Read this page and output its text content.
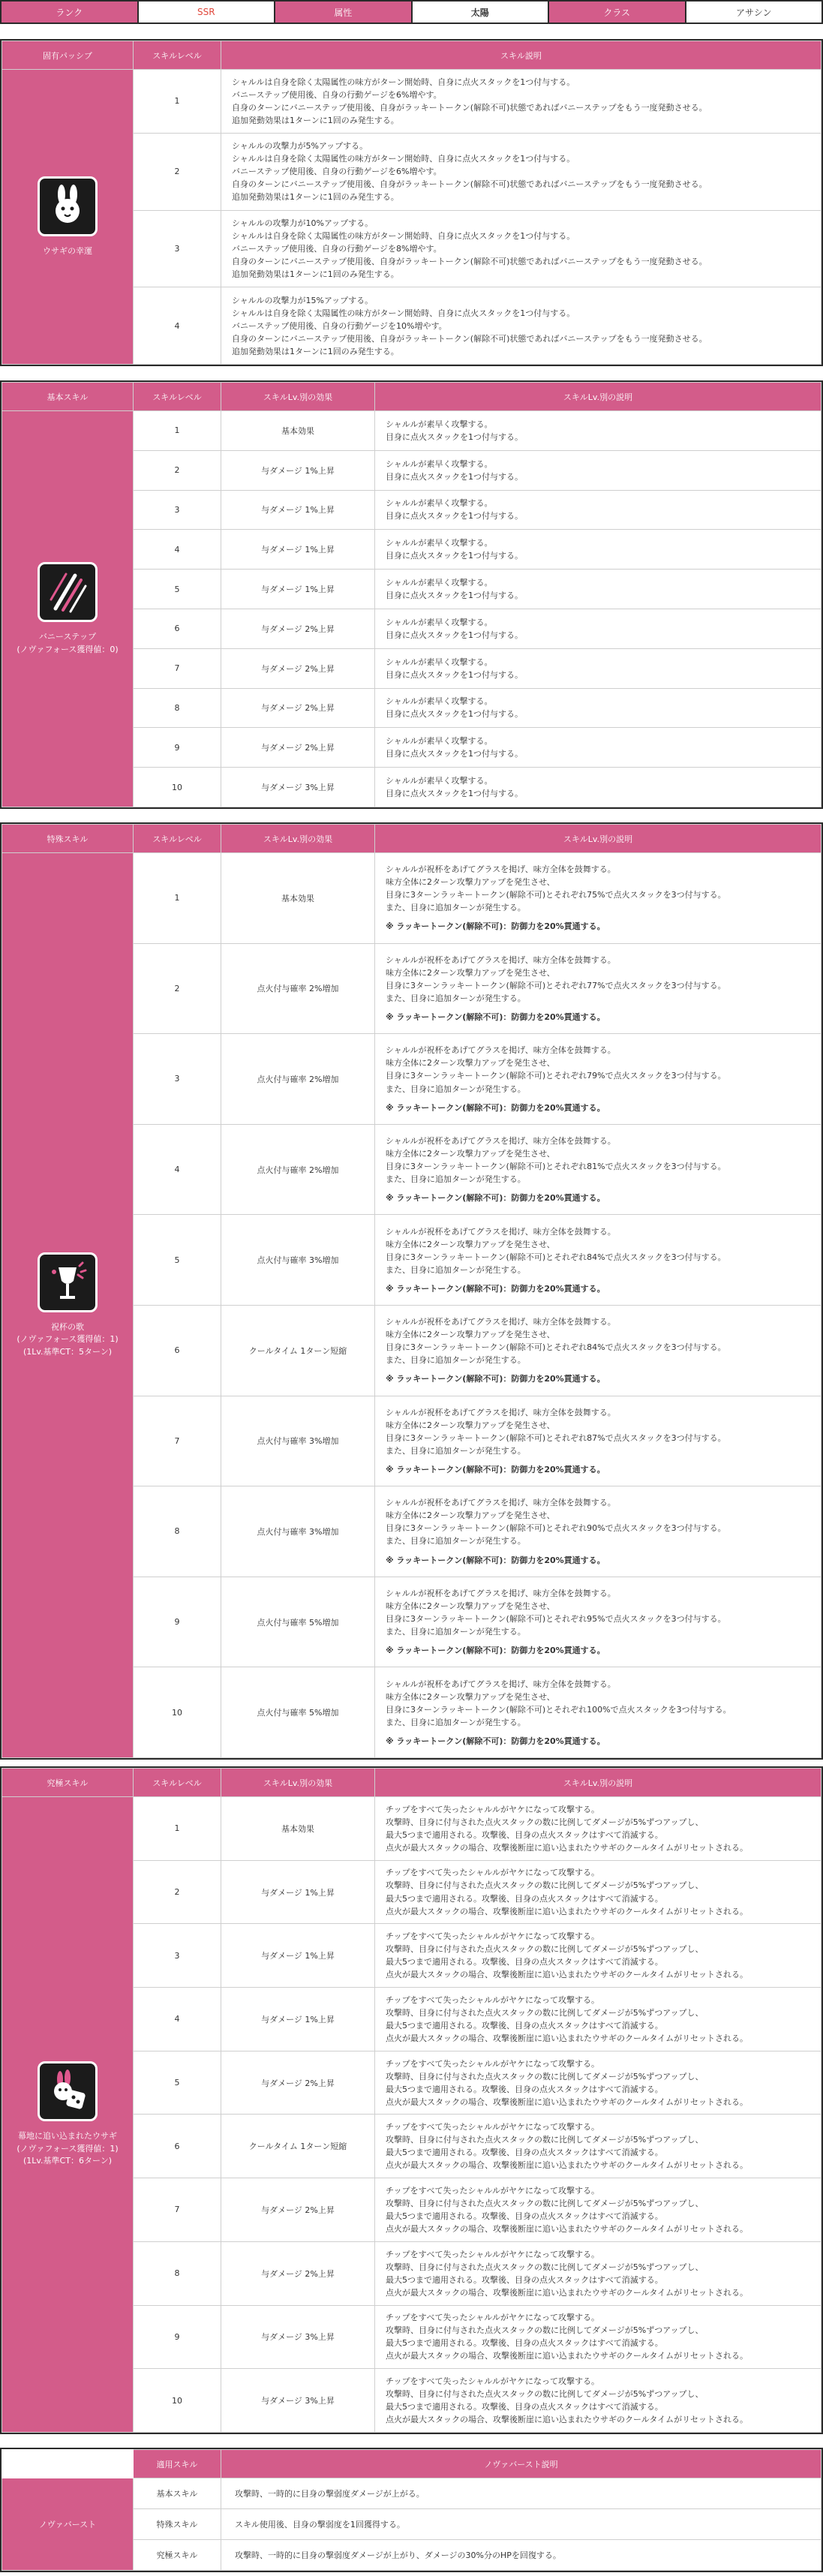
ランク	SSR	属性	太陽	クラス	アサシン
固有パッシブ	スキルレベル	スキル説明

ウサギの幸運	1	シャルルは自身を除く太陽属性の味方がターン開始時、自身に点火スタックを1つ付与する。
バニーステップ使用後、自身の行動ゲージを6%増やす。
自身のターンにバニーステップ使用後、自身がラッキートークン(解除不可)状態であればバニーステップをもう一度発動させる。
追加発動効果は1ターンに1回のみ発生する。
	2	シャルルの攻撃力が5%アップする。
シャルルは自身を除く太陽属性の味方がターン開始時、自身に点火スタックを1つ付与する。
バニーステップ使用後、自身の行動ゲージを6%増やす。
自身のターンにバニーステップ使用後、自身がラッキートークン(解除不可)状態であればバニーステップをもう一度発動させる。
追加発動効果は1ターンに1回のみ発生する。
	3	シャルルの攻撃力が10%アップする。
シャルルは自身を除く太陽属性の味方がターン開始時、自身に点火スタックを1つ付与する。
バニーステップ使用後、自身の行動ゲージを8%増やす。
自身のターンにバニーステップ使用後、自身がラッキートークン(解除不可)状態であればバニーステップをもう一度発動させる。
追加発動効果は1ターンに1回のみ発生する。
	4	シャルルの攻撃力が15%アップする。
シャルルは自身を除く太陽属性の味方がターン開始時、自身に点火スタックを1つ付与する。
バニーステップ使用後、自身の行動ゲージを10%増やす。
自身のターンにバニーステップ使用後、自身がラッキートークン(解除不可)状態であればバニーステップをもう一度発動させる。
追加発動効果は1ターンに1回のみ発生する。
基本スキル	スキルレベル	スキルLv.別の効果	スキルLv.別の説明

バニーステップ
(ノヴァフォース獲得値：0)	1	基本効果	シャルルが素早く攻撃する。
目身に点火スタックを1つ付与する。
	2	与ダメージ 1%上昇	シャルルが素早く攻撃する。
目身に点火スタックを1つ付与する。
	3	与ダメージ 1%上昇	シャルルが素早く攻撃する。
目身に点火スタックを1つ付与する。
	4	与ダメージ 1%上昇	シャルルが素早く攻撃する。
目身に点火スタックを1つ付与する。
	5	与ダメージ 1%上昇	シャルルが素早く攻撃する。
目身に点火スタックを1つ付与する。
	6	与ダメージ 2%上昇	シャルルが素早く攻撃する。
目身に点火スタックを1つ付与する。
	7	与ダメージ 2%上昇	シャルルが素早く攻撃する。
目身に点火スタックを1つ付与する。
	8	与ダメージ 2%上昇	シャルルが素早く攻撃する。
目身に点火スタックを1つ付与する。
	9	与ダメージ 2%上昇	シャルルが素早く攻撃する。
目身に点火スタックを1つ付与する。
	10	与ダメージ 3%上昇	シャルルが素早く攻撃する。
目身に点火スタックを1つ付与する。
特殊スキル	スキルレベル	スキルLv.別の効果	スキルLv.別の説明

祝杯の歌
(ノヴァフォース獲得値：1)
(1Lv.基準CT：5ターン)	1	基本効果	シャルルが祝杯をあげてグラスを掲げ、味方全体を鼓舞する。
味方全体に2ターン攻撃力アップを発生させ、
目身に3ターンラッキートークン(解除不可)とそれぞれ75%で点火スタックを3つ付与する。
また、目身に追加ターンが発生する。
※ ラッキートークン(解除不可)：防御力を20%貫通する。

	2	点火付与確率 2%増加	シャルルが祝杯をあげてグラスを掲げ、味方全体を鼓舞する。
味方全体に2ターン攻撃力アップを発生させ、
目身に3ターンラッキートークン(解除不可)とそれぞれ77%で点火スタックを3つ付与する。
また、目身に追加ターンが発生する。
※ ラッキートークン(解除不可)：防御力を20%貫通する。

	3	点火付与確率 2%増加	シャルルが祝杯をあげてグラスを掲げ、味方全体を鼓舞する。
味方全体に2ターン攻撃力アップを発生させ、
目身に3ターンラッキートークン(解除不可)とそれぞれ79%で点火スタックを3つ付与する。
また、目身に追加ターンが発生する。
※ ラッキートークン(解除不可)：防御力を20%貫通する。

	4	点火付与確率 2%増加	シャルルが祝杯をあげてグラスを掲げ、味方全体を鼓舞する。
味方全体に2ターン攻撃力アップを発生させ、
目身に3ターンラッキートークン(解除不可)とそれぞれ81%で点火スタックを3つ付与する。
また、目身に追加ターンが発生する。
※ ラッキートークン(解除不可)：防御力を20%貫通する。

	5	点火付与確率 3%増加	シャルルが祝杯をあげてグラスを掲げ、味方全体を鼓舞する。
味方全体に2ターン攻撃力アップを発生させ、
目身に3ターンラッキートークン(解除不可)とそれぞれ84%で点火スタックを3つ付与する。
また、目身に追加ターンが発生する。
※ ラッキートークン(解除不可)：防御力を20%貫通する。

	6	クールタイム 1ターン短縮	シャルルが祝杯をあげてグラスを掲げ、味方全体を鼓舞する。
味方全体に2ターン攻撃力アップを発生させ、
目身に3ターンラッキートークン(解除不可)とそれぞれ84%で点火スタックを3つ付与する。
また、目身に追加ターンが発生する。
※ ラッキートークン(解除不可)：防御力を20%貫通する。

	7	点火付与確率 3%増加	シャルルが祝杯をあげてグラスを掲げ、味方全体を鼓舞する。
味方全体に2ターン攻撃力アップを発生させ、
目身に3ターンラッキートークン(解除不可)とそれぞれ87%で点火スタックを3つ付与する。
また、目身に追加ターンが発生する。
※ ラッキートークン(解除不可)：防御力を20%貫通する。

	8	点火付与確率 3%増加	シャルルが祝杯をあげてグラスを掲げ、味方全体を鼓舞する。
味方全体に2ターン攻撃力アップを発生させ、
目身に3ターンラッキートークン(解除不可)とそれぞれ90%で点火スタックを3つ付与する。
また、目身に追加ターンが発生する。
※ ラッキートークン(解除不可)：防御力を20%貫通する。

	9	点火付与確率 5%増加	シャルルが祝杯をあげてグラスを掲げ、味方全体を鼓舞する。
味方全体に2ターン攻撃力アップを発生させ、
目身に3ターンラッキートークン(解除不可)とそれぞれ95%で点火スタックを3つ付与する。
また、目身に追加ターンが発生する。
※ ラッキートークン(解除不可)：防御力を20%貫通する。

	10	点火付与確率 5%増加	シャルルが祝杯をあげてグラスを掲げ、味方全体を鼓舞する。
味方全体に2ターン攻撃力アップを発生させ、
目身に3ターンラッキートークン(解除不可)とそれぞれ100%で点火スタックを3つ付与する。
また、目身に追加ターンが発生する。
※ ラッキートークン(解除不可)：防御力を20%貫通する。
究極スキル	スキルレベル	スキルLv.別の効果	スキルLv.別の説明

幕地に追い込まれたウサギ
(ノヴァフォース獲得値：1)
(1Lv.基準CT：6ターン)	1	基本効果	チップをすべて失ったシャルルがヤケになって攻撃する。
攻撃時、目身に付与された点火スタックの数に比例してダメージが5%ずつアップし、
最大5つまで適用される。攻撃後、目身の点火スタックはすべて消滅する。
点火が最大スタックの場合、攻撃後断崖に追い込まれたウサギのクールタイムがリセットされる。
	2	与ダメージ 1%上昇	チップをすべて失ったシャルルがヤケになって攻撃する。
攻撃時、目身に付与された点火スタックの数に比例してダメージが5%ずつアップし、
最大5つまで適用される。攻撃後、目身の点火スタックはすべて消滅する。
点火が最大スタックの場合、攻撃後断崖に追い込まれたウサギのクールタイムがリセットされる。
	3	与ダメージ 1%上昇	チップをすべて失ったシャルルがヤケになって攻撃する。
攻撃時、目身に付与された点火スタックの数に比例してダメージが5%ずつアップし、
最大5つまで適用される。攻撃後、目身の点火スタックはすべて消滅する。
点火が最大スタックの場合、攻撃後断崖に追い込まれたウサギのクールタイムがリセットされる。
	4	与ダメージ 1%上昇	チップをすべて失ったシャルルがヤケになって攻撃する。
攻撃時、目身に付与された点火スタックの数に比例してダメージが5%ずつアップし、
最大5つまで適用される。攻撃後、目身の点火スタックはすべて消滅する。
点火が最大スタックの場合、攻撃後断崖に追い込まれたウサギのクールタイムがリセットされる。
	5	与ダメージ 2%上昇	チップをすべて失ったシャルルがヤケになって攻撃する。
攻撃時、目身に付与された点火スタックの数に比例してダメージが5%ずつアップし、
最大5つまで適用される。攻撃後、目身の点火スタックはすべて消滅する。
点火が最大スタックの場合、攻撃後断崖に追い込まれたウサギのクールタイムがリセットされる。
	6	クールタイム 1ターン短縮	チップをすべて失ったシャルルがヤケになって攻撃する。
攻撃時、目身に付与された点火スタックの数に比例してダメージが5%ずつアップし、
最大5つまで適用される。攻撃後、目身の点火スタックはすべて消滅する。
点火が最大スタックの場合、攻撃後断崖に追い込まれたウサギのクールタイムがリセットされる。
	7	与ダメージ 2%上昇	チップをすべて失ったシャルルがヤケになって攻撃する。
攻撃時、目身に付与された点火スタックの数に比例してダメージが5%ずつアップし、
最大5つまで適用される。攻撃後、目身の点火スタックはすべて消滅する。
点火が最大スタックの場合、攻撃後断崖に追い込まれたウサギのクールタイムがリセットされる。
	8	与ダメージ 2%上昇	チップをすべて失ったシャルルがヤケになって攻撃する。
攻撃時、目身に付与された点火スタックの数に比例してダメージが5%ずつアップし、
最大5つまで適用される。攻撃後、目身の点火スタックはすべて消滅する。
点火が最大スタックの場合、攻撃後断崖に追い込まれたウサギのクールタイムがリセットされる。
	9	与ダメージ 3%上昇	チップをすべて失ったシャルルがヤケになって攻撃する。
攻撃時、目身に付与された点火スタックの数に比例してダメージが5%ずつアップし、
最大5つまで適用される。攻撃後、目身の点火スタックはすべて消滅する。
点火が最大スタックの場合、攻撃後断崖に追い込まれたウサギのクールタイムがリセットされる。
	10	与ダメージ 3%上昇	チップをすべて失ったシャルルがヤケになって攻撃する。
攻撃時、目身に付与された点火スタックの数に比例してダメージが5%ずつアップし、
最大5つまで適用される。攻撃後、目身の点火スタックはすべて消滅する。
点火が最大スタックの場合、攻撃後断崖に追い込まれたウサギのクールタイムがリセットされる。
	適用スキル	ノヴァバースト説明
ノヴァバースト	基本スキル	攻撃時、一時的に目身の撃弱度ダメージが上がる。
	特殊スキル	スキル使用後、目身の撃弱度を1回獲得する。
	究極スキル	攻撃時、一時的に目身の撃弱度ダメージが上がり、ダメージの30%分のHPを回復する。
